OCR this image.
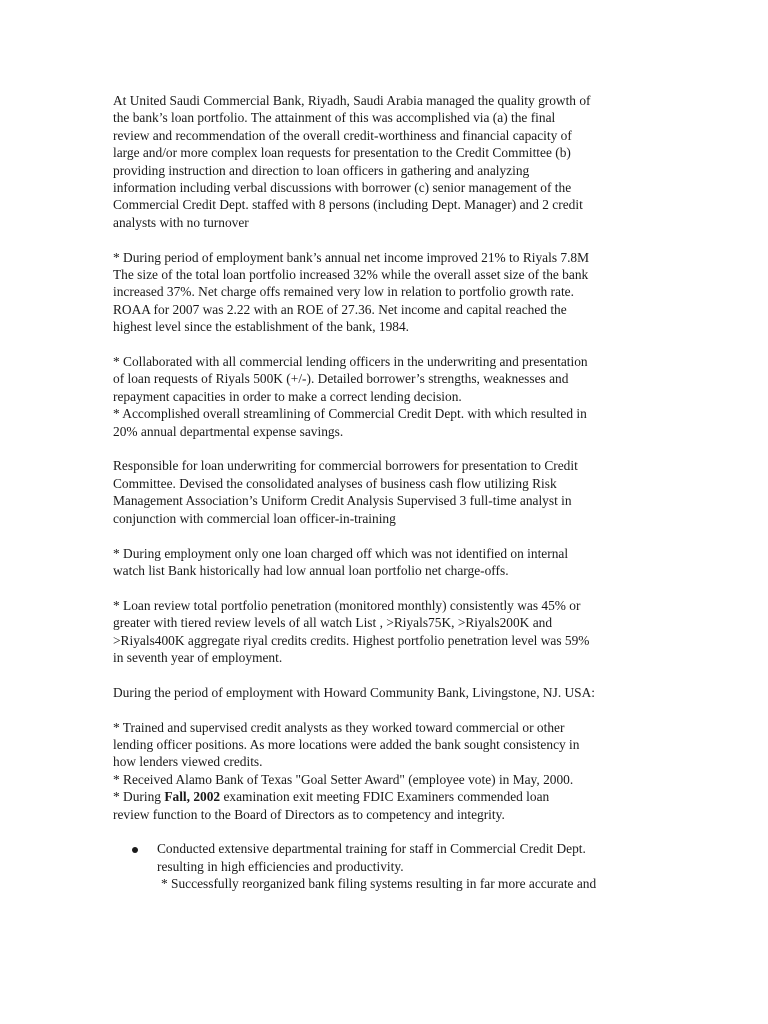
At United Saudi Commercial Bank, Riyadh, Saudi Arabia managed the quality growth of
the bank’s loan portfolio. The attainment of this was accomplished via (a) the final
review and recommendation of the overall credit-worthiness and financial capacity of
large and/or more complex loan requests for presentation to the Credit Committee (b)
providing instruction and direction to loan officers in gathering and analyzing
information including verbal discussions with borrower (c) senior management of the
Commercial Credit Dept. staffed with 8 persons (including Dept. Manager) and 2 credit
analysts with no turnover

* During period of employment bank’s annual net income improved 21% to Riyals 7.8M
The size of the total loan portfolio increased 32% while the overall asset size of the bank
increased 37%. Net charge offs remained very low in relation to portfolio growth rate.
ROAA for 2007 was 2.22 with an ROE of 27.36. Net income and capital reached the
highest level since the establishment of the bank, 1984.

* Collaborated with all commercial lending officers in the underwriting and presentation
of loan requests of Riyals 500K (+/-). Detailed borrower’s strengths, weaknesses and
repayment capacities in order to make a correct lending decision.
* Accomplished overall streamlining of Commercial Credit Dept. with which resulted in
20% annual departmental expense savings.

Responsible for loan underwriting for commercial borrowers for presentation to Credit
Committee. Devised the consolidated analyses of business cash flow utilizing Risk
Management Association’s Uniform Credit Analysis Supervised 3 full-time analyst in
conjunction with commercial loan officer-in-training

* During employment only one loan charged off which was not identified on internal
watch list Bank historically had low annual loan portfolio net charge-offs.

* Loan review total portfolio penetration (monitored monthly) consistently was 45% or
greater with tiered review levels of all watch List , >Riyals75K, >Riyals200K and
>Riyals400K aggregate riyal credits credits. Highest portfolio penetration level was 59%
in seventh year of employment.

During the period of employment with Howard Community Bank, Livingstone, NJ. USA:

* Trained and supervised credit analysts as they worked toward commercial or other
lending officer positions. As more locations were added the bank sought consistency in
how lenders viewed credits.
* Received Alamo Bank of Texas "Goal Setter Award" (employee vote) in May, 2000.

* During Fall, 2002 examination exit meeting FDIC Examiners commended loan
review function to the Board of Directors as to competency and integrity.

Conducted extensive departmental training for staff in Commercial Credit Dept.
resulting in high efficiencies and productivity.
* Successfully reorganized bank filing systems resulting in far more accurate and
